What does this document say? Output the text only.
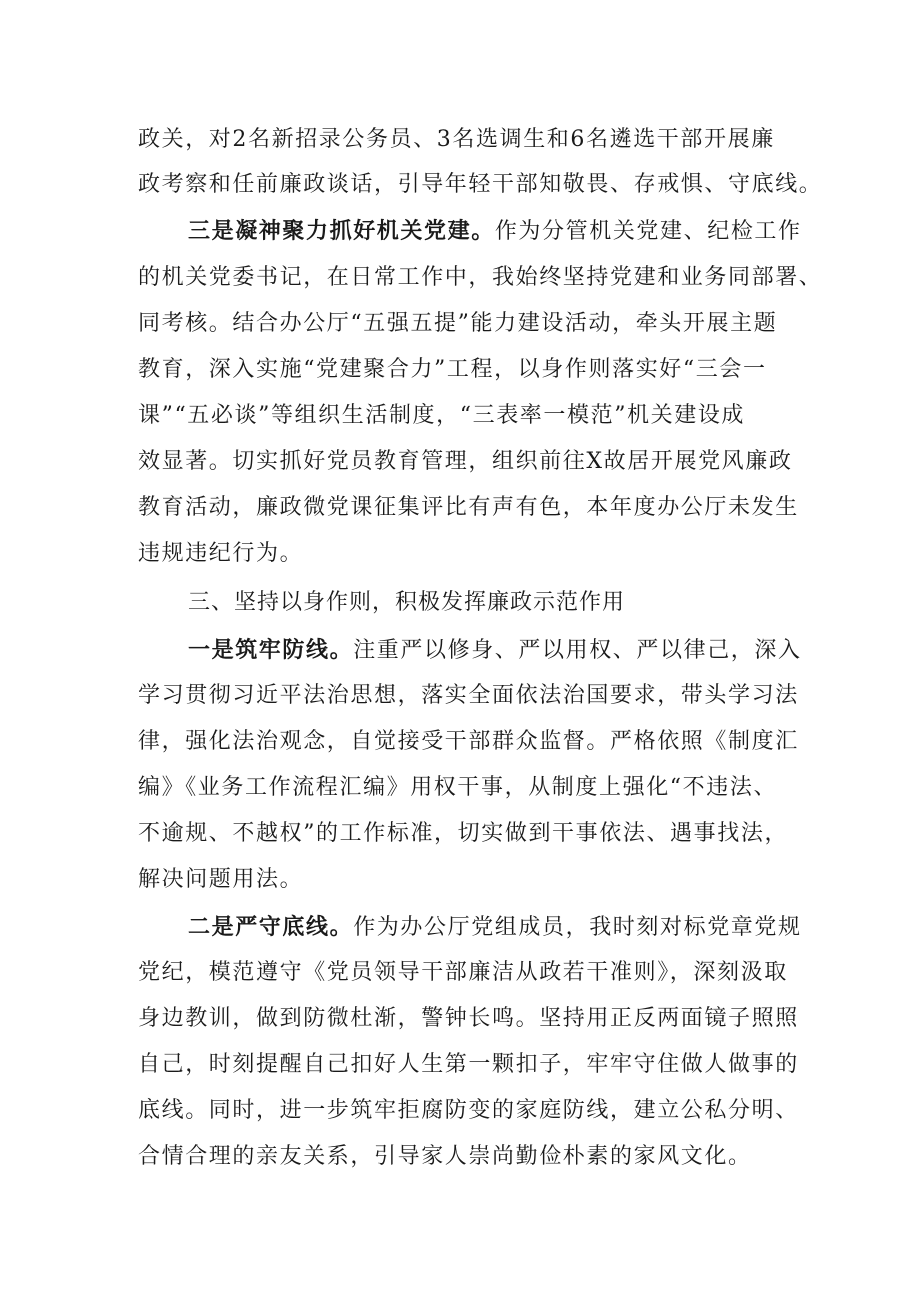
政关，对2名新招录公务员、3名选调生和6名遴选干部开展廉
政考察和任前廉政谈话，引导年轻干部知敬畏、存戒惧、守底线。
三是凝神聚力抓好机关党建。作为分管机关党建、纪检工作
的机关党委书记，在日常工作中，我始终坚持党建和业务同部署、
同考核。结合办公厅“五强五提”能力建设活动，牵头开展主题
教育，深入实施“党建聚合力”工程，以身作则落实好“三会一
课”“五必谈”等组织生活制度，“三表率一模范”机关建设成
效显著。切实抓好党员教育管理，组织前往X故居开展党风廉政
教育活动，廉政微党课征集评比有声有色，本年度办公厅未发生
违规违纪行为。
三、坚持以身作则，积极发挥廉政示范作用
一是筑牢防线。注重严以修身、严以用权、严以律己，深入
学习贯彻习近平法治思想，落实全面依法治国要求，带头学习法
律，强化法治观念，自觉接受干部群众监督。严格依照《制度汇
编》《业务工作流程汇编》用权干事，从制度上强化“不违法、
不逾规、不越权”的工作标准，切实做到干事依法、遇事找法，
解决问题用法。
二是严守底线。作为办公厅党组成员，我时刻对标党章党规
党纪，模范遵守《党员领导干部廉洁从政若干准则》，深刻汲取
身边教训，做到防微杜渐，警钟长鸣。坚持用正反两面镜子照照
自己，时刻提醒自己扣好人生第一颗扣子，牢牢守住做人做事的
底线。同时，进一步筑牢拒腐防变的家庭防线，建立公私分明、
合情合理的亲友关系，引导家人崇尚勤俭朴素的家风文化。
